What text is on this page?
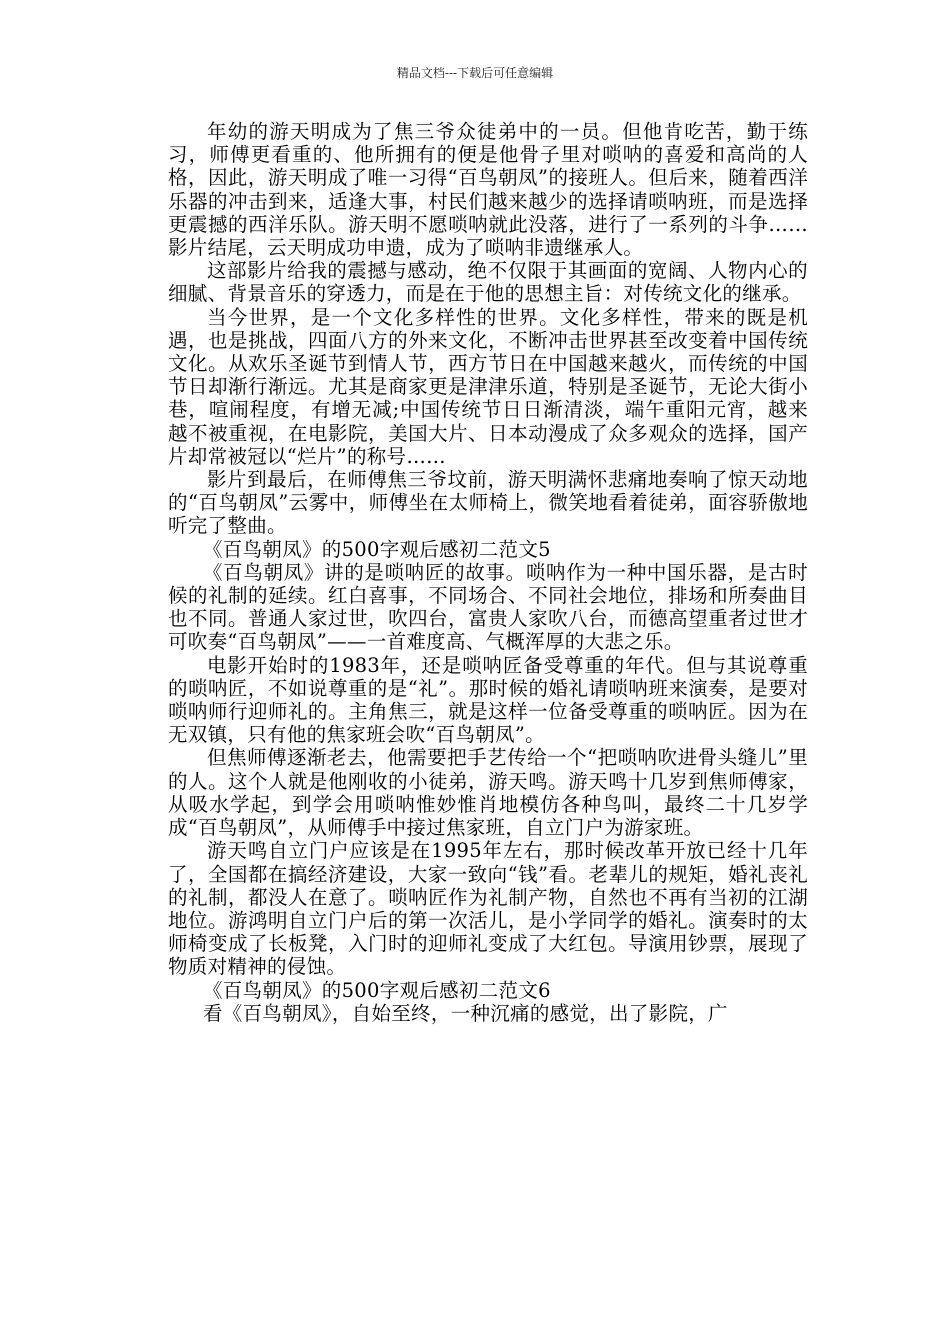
精品文档---下载后可任意编辑

年幼的游天明成为了焦三爷众徒弟中的一员。但他肯吃苦，勤于练习，师傅更看重的、他所拥有的便是他骨子里对唢呐的喜爱和高尚的人格，因此，游天明成了唯一习得“百鸟朝凤”的接班人。但后来，随着西洋乐器的冲击到来，适逢大事，村民们越来越少的选择请唢呐班，而是选择更震撼的西洋乐队。游天明不愿唢呐就此没落，进行了一系列的斗争……影片结尾，云天明成功申遗，成为了唢呐非遗继承人。

这部影片给我的震撼与感动，绝不仅限于其画面的宽阔、人物内心的细腻、背景音乐的穿透力，而是在于他的思想主旨：对传统文化的继承。

当今世界，是一个文化多样性的世界。文化多样性，带来的既是机遇，也是挑战，四面八方的外来文化，不断冲击世界甚至改变着中国传统文化。从欢乐圣诞节到情人节，西方节日在中国越来越火，而传统的中国节日却渐行渐远。尤其是商家更是津津乐道，特别是圣诞节，无论大街小巷，喧闹程度，有增无减;中国传统节日日渐清淡，端午重阳元宵，越来越不被重视，在电影院，美国大片、日本动漫成了众多观众的选择，国产片却常被冠以“烂片”的称号……

影片到最后，在师傅焦三爷坟前，游天明满怀悲痛地奏响了惊天动地的“百鸟朝凤”云雾中，师傅坐在太师椅上，微笑地看着徒弟，面容骄傲地听完了整曲。

《百鸟朝凤》的500字观后感初二范文5

《百鸟朝凤》讲的是唢呐匠的故事。唢呐作为一种中国乐器，是古时候的礼制的延续。红白喜事，不同场合、不同社会地位，排场和所奏曲目也不同。普通人家过世，吹四台，富贵人家吹八台，而德高望重者过世才可吹奏“百鸟朝凤”——一首难度高、气概浑厚的大悲之乐。

电影开始时的1983年，还是唢呐匠备受尊重的年代。但与其说尊重的唢呐匠，不如说尊重的是“礼”。那时候的婚礼请唢呐班来演奏，是要对唢呐师行迎师礼的。主角焦三，就是这样一位备受尊重的唢呐匠。因为在无双镇，只有他的焦家班会吹“百鸟朝凤”。

但焦师傅逐渐老去，他需要把手艺传给一个“把唢呐吹进骨头缝儿”里的人。这个人就是他刚收的小徒弟，游天鸣。游天鸣十几岁到焦师傅家，从吸水学起，到学会用唢呐惟妙惟肖地模仿各种鸟叫，最终二十几岁学成“百鸟朝凤”，从师傅手中接过焦家班，自立门户为游家班。

游天鸣自立门户应该是在1995年左右，那时候改革开放已经十几年了，全国都在搞经济建设，大家一致向“钱”看。老辈儿的规矩，婚礼丧礼的礼制，都没人在意了。唢呐匠作为礼制产物，自然也不再有当初的江湖地位。游鸿明自立门户后的第一次活儿，是小学同学的婚礼。演奏时的太师椅变成了长板凳，入门时的迎师礼变成了大红包。导演用钞票，展现了物质对精神的侵蚀。

《百鸟朝凤》的500字观后感初二范文6

看《百鸟朝凤》，自始至终，一种沉痛的感觉，出了影院，广
